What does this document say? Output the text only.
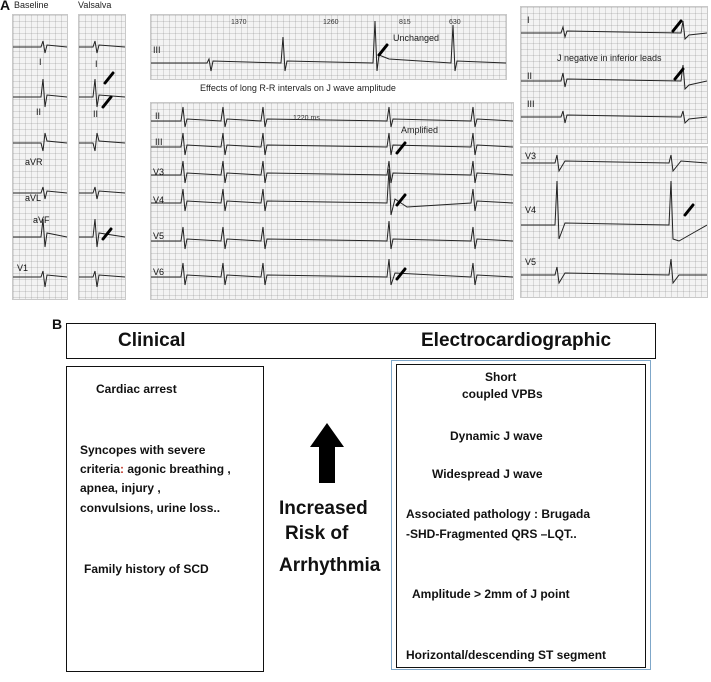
A Baseline	Valsalva
I
II
aVR
aVL
aVF
V1
I
II
III
1370	1260	815	630
Unchanged
Effects of long R-R intervals on J wave amplitude
II
III
V3
V4
V5
V6
1220 ms
Amplified
I
II
III
J negative in inferior leads
V3
V4
V5
B
Clinical	Electrocardiographic
Cardiac arrest
Syncopes with severe
criteria: agonic breathing ,
apnea, injury ,
convulsions, urine loss..
Family history of SCD
Increased
Risk of
Arrhythmia
Short
coupled VPBs
Dynamic J wave
Widespread J wave
Associated pathology : Brugada
-SHD-Fragmented QRS –LQT..
Amplitude > 2mm of J point
Horizontal/descending ST segment
